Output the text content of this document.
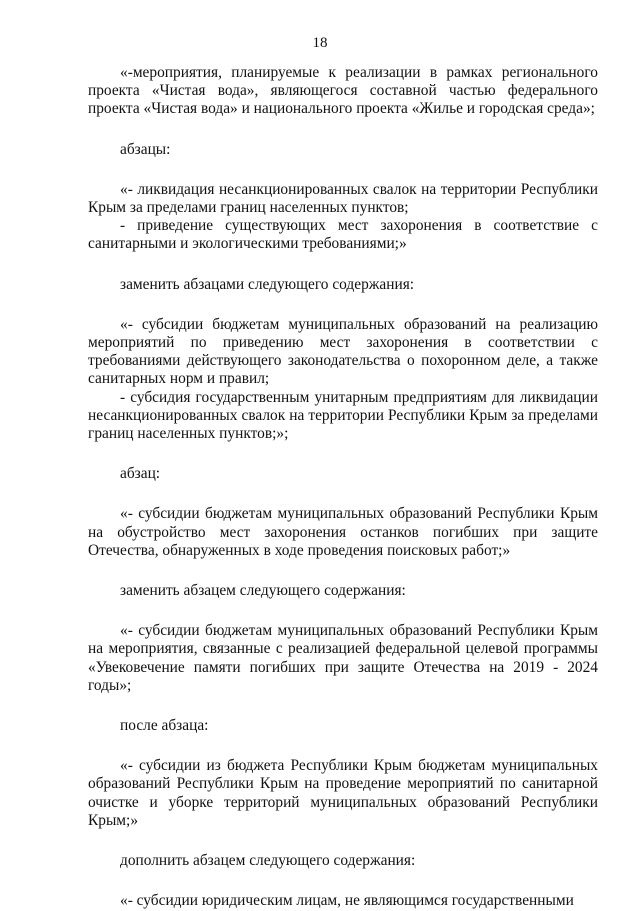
18

«-мероприятия, планируемые к реализации в рамках регионального проекта «Чистая вода», являющегося составной частью федерального проекта «Чистая вода» и национального проекта «Жилье и городская среда»;

абзацы:

«- ликвидация несанкционированных свалок на территории Республики Крым за пределами границ населенных пунктов;

- приведение существующих мест захоронения в соответствие с санитарными и экологическими требованиями;»

заменить абзацами следующего содержания:

«- субсидии бюджетам муниципальных образований на реализацию мероприятий по приведению мест захоронения в соответствии с требованиями действующего законодательства о похоронном деле, а также санитарных норм и правил;

- субсидия государственным унитарным предприятиям для ликвидации несанкционированных свалок на территории Республики Крым за пределами границ населенных пунктов;»;

абзац:

«- субсидии бюджетам муниципальных образований Республики Крым на обустройство мест захоронения останков погибших при защите Отечества, обнаруженных в ходе проведения поисковых работ;»

заменить абзацем следующего содержания:

«- субсидии бюджетам муниципальных образований Республики Крым на мероприятия, связанные с реализацией федеральной целевой программы «Увековечение памяти погибших при защите Отечества на 2019 - 2024 годы»;

после абзаца:

«- субсидии из бюджета Республики Крым бюджетам муниципальных образований Республики Крым на проведение мероприятий по санитарной очистке и уборке территорий муниципальных образований Республики Крым;»

дополнить абзацем следующего содержания:

«- субсидии юридическим лицам, не являющимся государственными
